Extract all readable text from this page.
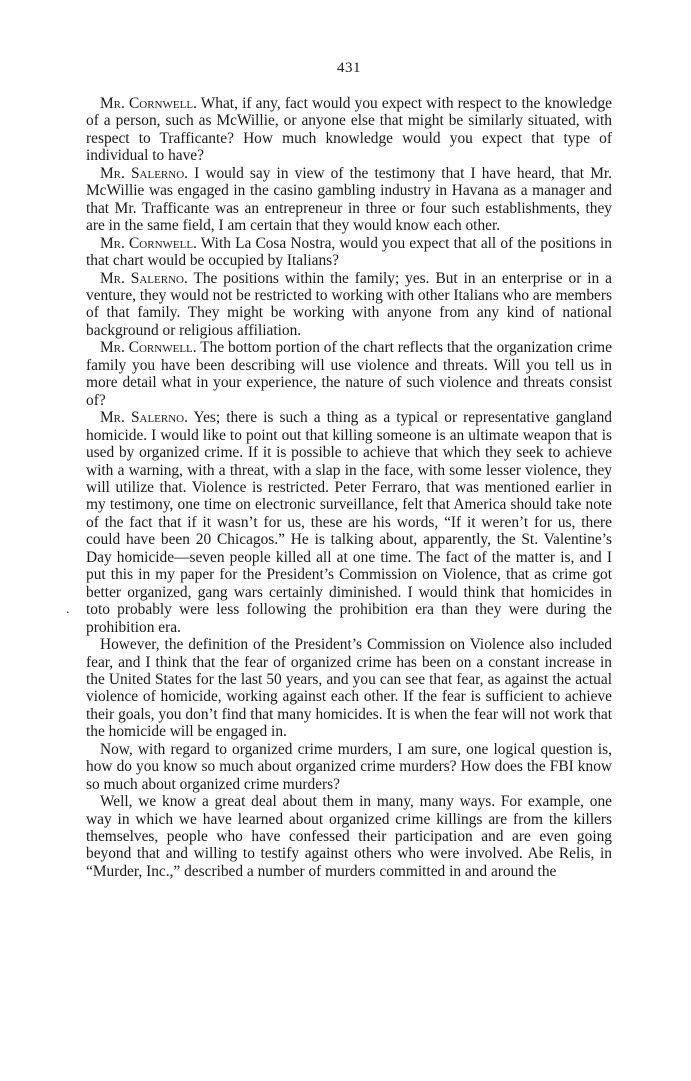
431

Mr. Cornwell. What, if any, fact would you expect with respect to the knowledge of a person, such as McWillie, or anyone else that might be similarly situated, with respect to Trafficante? How much knowledge would you expect that type of individual to have?

Mr. Salerno. I would say in view of the testimony that I have heard, that Mr. McWillie was engaged in the casino gambling industry in Havana as a manager and that Mr. Trafficante was an entrepreneur in three or four such establishments, they are in the same field, I am certain that they would know each other.

Mr. Cornwell. With La Cosa Nostra, would you expect that all of the positions in that chart would be occupied by Italians?

Mr. Salerno. The positions within the family; yes. But in an enterprise or in a venture, they would not be restricted to working with other Italians who are members of that family. They might be working with anyone from any kind of national background or religious affiliation.

Mr. Cornwell. The bottom portion of the chart reflects that the organization crime family you have been describing will use violence and threats. Will you tell us in more detail what in your experience, the nature of such violence and threats consist of?

Mr. Salerno. Yes; there is such a thing as a typical or representative gangland homicide. I would like to point out that killing someone is an ultimate weapon that is used by organized crime. If it is possible to achieve that which they seek to achieve with a warning, with a threat, with a slap in the face, with some lesser violence, they will utilize that. Violence is restricted. Peter Ferraro, that was mentioned earlier in my testimony, one time on electronic surveillance, felt that America should take note of the fact that if it wasn’t for us, these are his words, “If it weren’t for us, there could have been 20 Chicagos.” He is talking about, apparently, the St. Valentine’s Day homicide—seven people killed all at one time. The fact of the matter is, and I put this in my paper for the President’s Commission on Violence, that as crime got better organized, gang wars certainly diminished. I would think that homicides in toto probably were less following the prohibition era than they were during the prohibition era.

However, the definition of the President’s Commission on Violence also included fear, and I think that the fear of organized crime has been on a constant increase in the United States for the last 50 years, and you can see that fear, as against the actual violence of homicide, working against each other. If the fear is sufficient to achieve their goals, you don’t find that many homicides. It is when the fear will not work that the homicide will be engaged in.

Now, with regard to organized crime murders, I am sure, one logical question is, how do you know so much about organized crime murders? How does the FBI know so much about organized crime murders?

Well, we know a great deal about them in many, many ways. For example, one way in which we have learned about organized crime killings are from the killers themselves, people who have confessed their participation and are even going beyond that and willing to testify against others who were involved. Abe Relis, in “Murder, Inc.,” described a number of murders committed in and around the

.
